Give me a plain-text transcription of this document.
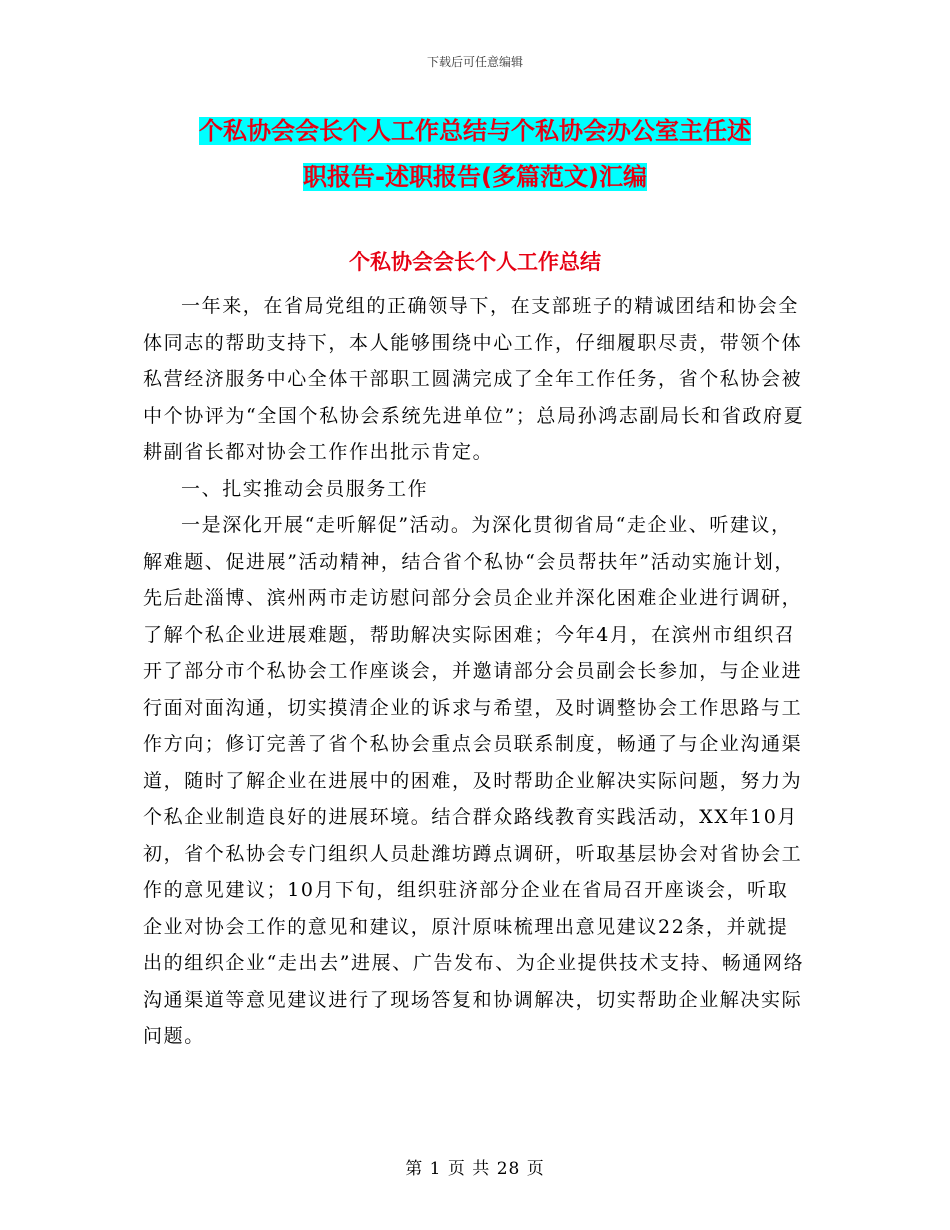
下载后可任意编辑
个私协会会长个人工作总结与个私协会办公室主任述
职报告-述职报告(多篇范文)汇编
个私协会会长个人工作总结

一年来，在省局党组的正确领导下，在支部班子的精诚团结和协会全体同志的帮助支持下，本人能够围绕中心工作，仔细履职尽责，带领个体私营经济服务中心全体干部职工圆满完成了全年工作任务，省个私协会被中个协评为“全国个私协会系统先进单位”；总局孙鸿志副局长和省政府夏耕副省长都对协会工作作出批示肯定。

一、扎实推动会员服务工作

一是深化开展“走听解促”活动。为深化贯彻省局“走企业、听建议，解难题、促进展”活动精神，结合省个私协“会员帮扶年”活动实施计划，先后赴淄博、滨州两市走访慰问部分会员企业并深化困难企业进行调研，了解个私企业进展难题，帮助解决实际困难；今年4月，在滨州市组织召开了部分市个私协会工作座谈会，并邀请部分会员副会长参加，与企业进行面对面沟通，切实摸清企业的诉求与希望，及时调整协会工作思路与工作方向；修订完善了省个私协会重点会员联系制度，畅通了与企业沟通渠道，随时了解企业在进展中的困难，及时帮助企业解决实际问题，努力为个私企业制造良好的进展环境。结合群众路线教育实践活动，XX年10月初，省个私协会专门组织人员赴潍坊蹲点调研，听取基层协会对省协会工作的意见建议；10月下旬，组织驻济部分企业在省局召开座谈会，听取企业对协会工作的意见和建议，原汁原味梳理出意见建议22条，并就提出的组织企业“走出去”进展、广告发布、为企业提供技术支持、畅通网络沟通渠道等意见建议进行了现场答复和协调解决，切实帮助企业解决实际问题。

第 1 页 共 28 页
